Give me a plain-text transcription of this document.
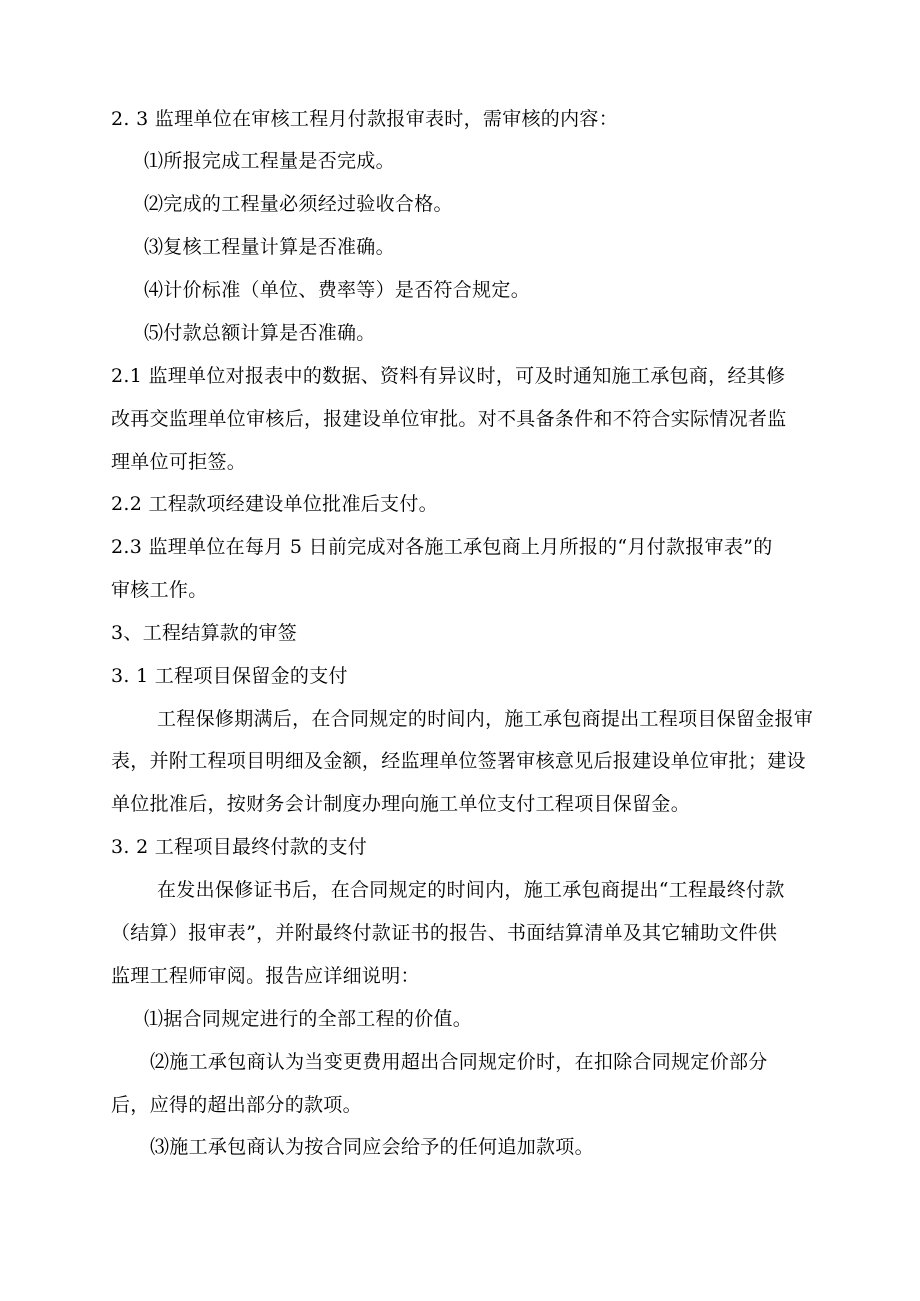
2. 3 监理单位在审核工程月付款报审表时，需审核的内容：
⑴所报完成工程量是否完成。
⑵完成的工程量必须经过验收合格。
⑶复核工程量计算是否准确。
⑷计价标准（单位、费率等）是否符合规定。
⑸付款总额计算是否准确。
2.1 监理单位对报表中的数据、资料有异议时，可及时通知施工承包商，经其修
改再交监理单位审核后，报建设单位审批。对不具备条件和不符合实际情况者监
理单位可拒签。
2.2 工程款项经建设单位批准后支付。
2.3 监理单位在每月 5 日前完成对各施工承包商上月所报的“月付款报审表”的
审核工作。
3、工程结算款的审签
3. 1 工程项目保留金的支付
工程保修期满后，在合同规定的时间内，施工承包商提出工程项目保留金报审
表，并附工程项目明细及金额，经监理单位签署审核意见后报建设单位审批；建设
单位批准后，按财务会计制度办理向施工单位支付工程项目保留金。
3. 2 工程项目最终付款的支付
在发出保修证书后，在合同规定的时间内，施工承包商提出“工程最终付款
（结算）报审表”，并附最终付款证书的报告、书面结算清单及其它辅助文件供
监理工程师审阅。报告应详细说明：
⑴据合同规定进行的全部工程的价值。
⑵施工承包商认为当变更费用超出合同规定价时，在扣除合同规定价部分
后，应得的超出部分的款项。
⑶施工承包商认为按合同应会给予的任何追加款项。
